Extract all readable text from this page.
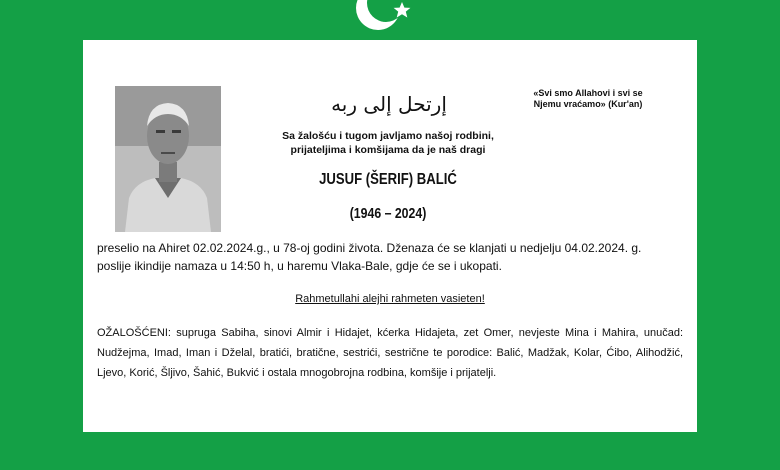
إرتحل إلى ربه	«Svi smo Allahovi i svi se
Njemu vraćamo» (Kur'an)
Sa žalošću i tugom javljamo našoj rodbini,
prijateljima i komšijama da je naš dragi
JUSUF (ŠERIF) BALIĆ
(1946 – 2024)
preselio na Ahiret 02.02.2024.g., u 78-oj godini života. Dženaza će se klanjati u nedjelju 04.02.2024. g.
poslije ikindije namaza u 14:50 h, u haremu Vlaka-Bale, gdje će se i ukopati.
Rahmetullahi alejhi rahmeten vasieten!
OŽALOŠĆENI: supruga Sabiha, sinovi Almir i Hidajet, kćerka Hidajeta, zet Omer, nevjeste Mina i Mahira, unučad: Nudžejma, Imad, Iman i Dželal, bratići, bratične, sestrići, sestrične te porodice: Balić, Madžak, Kolar, Ćibo, Alihodžić, Ljevo, Korić, Šljivo, Šahić, Bukvić i ostala mnogobrojna rodbina, komšije i prijatelji.
